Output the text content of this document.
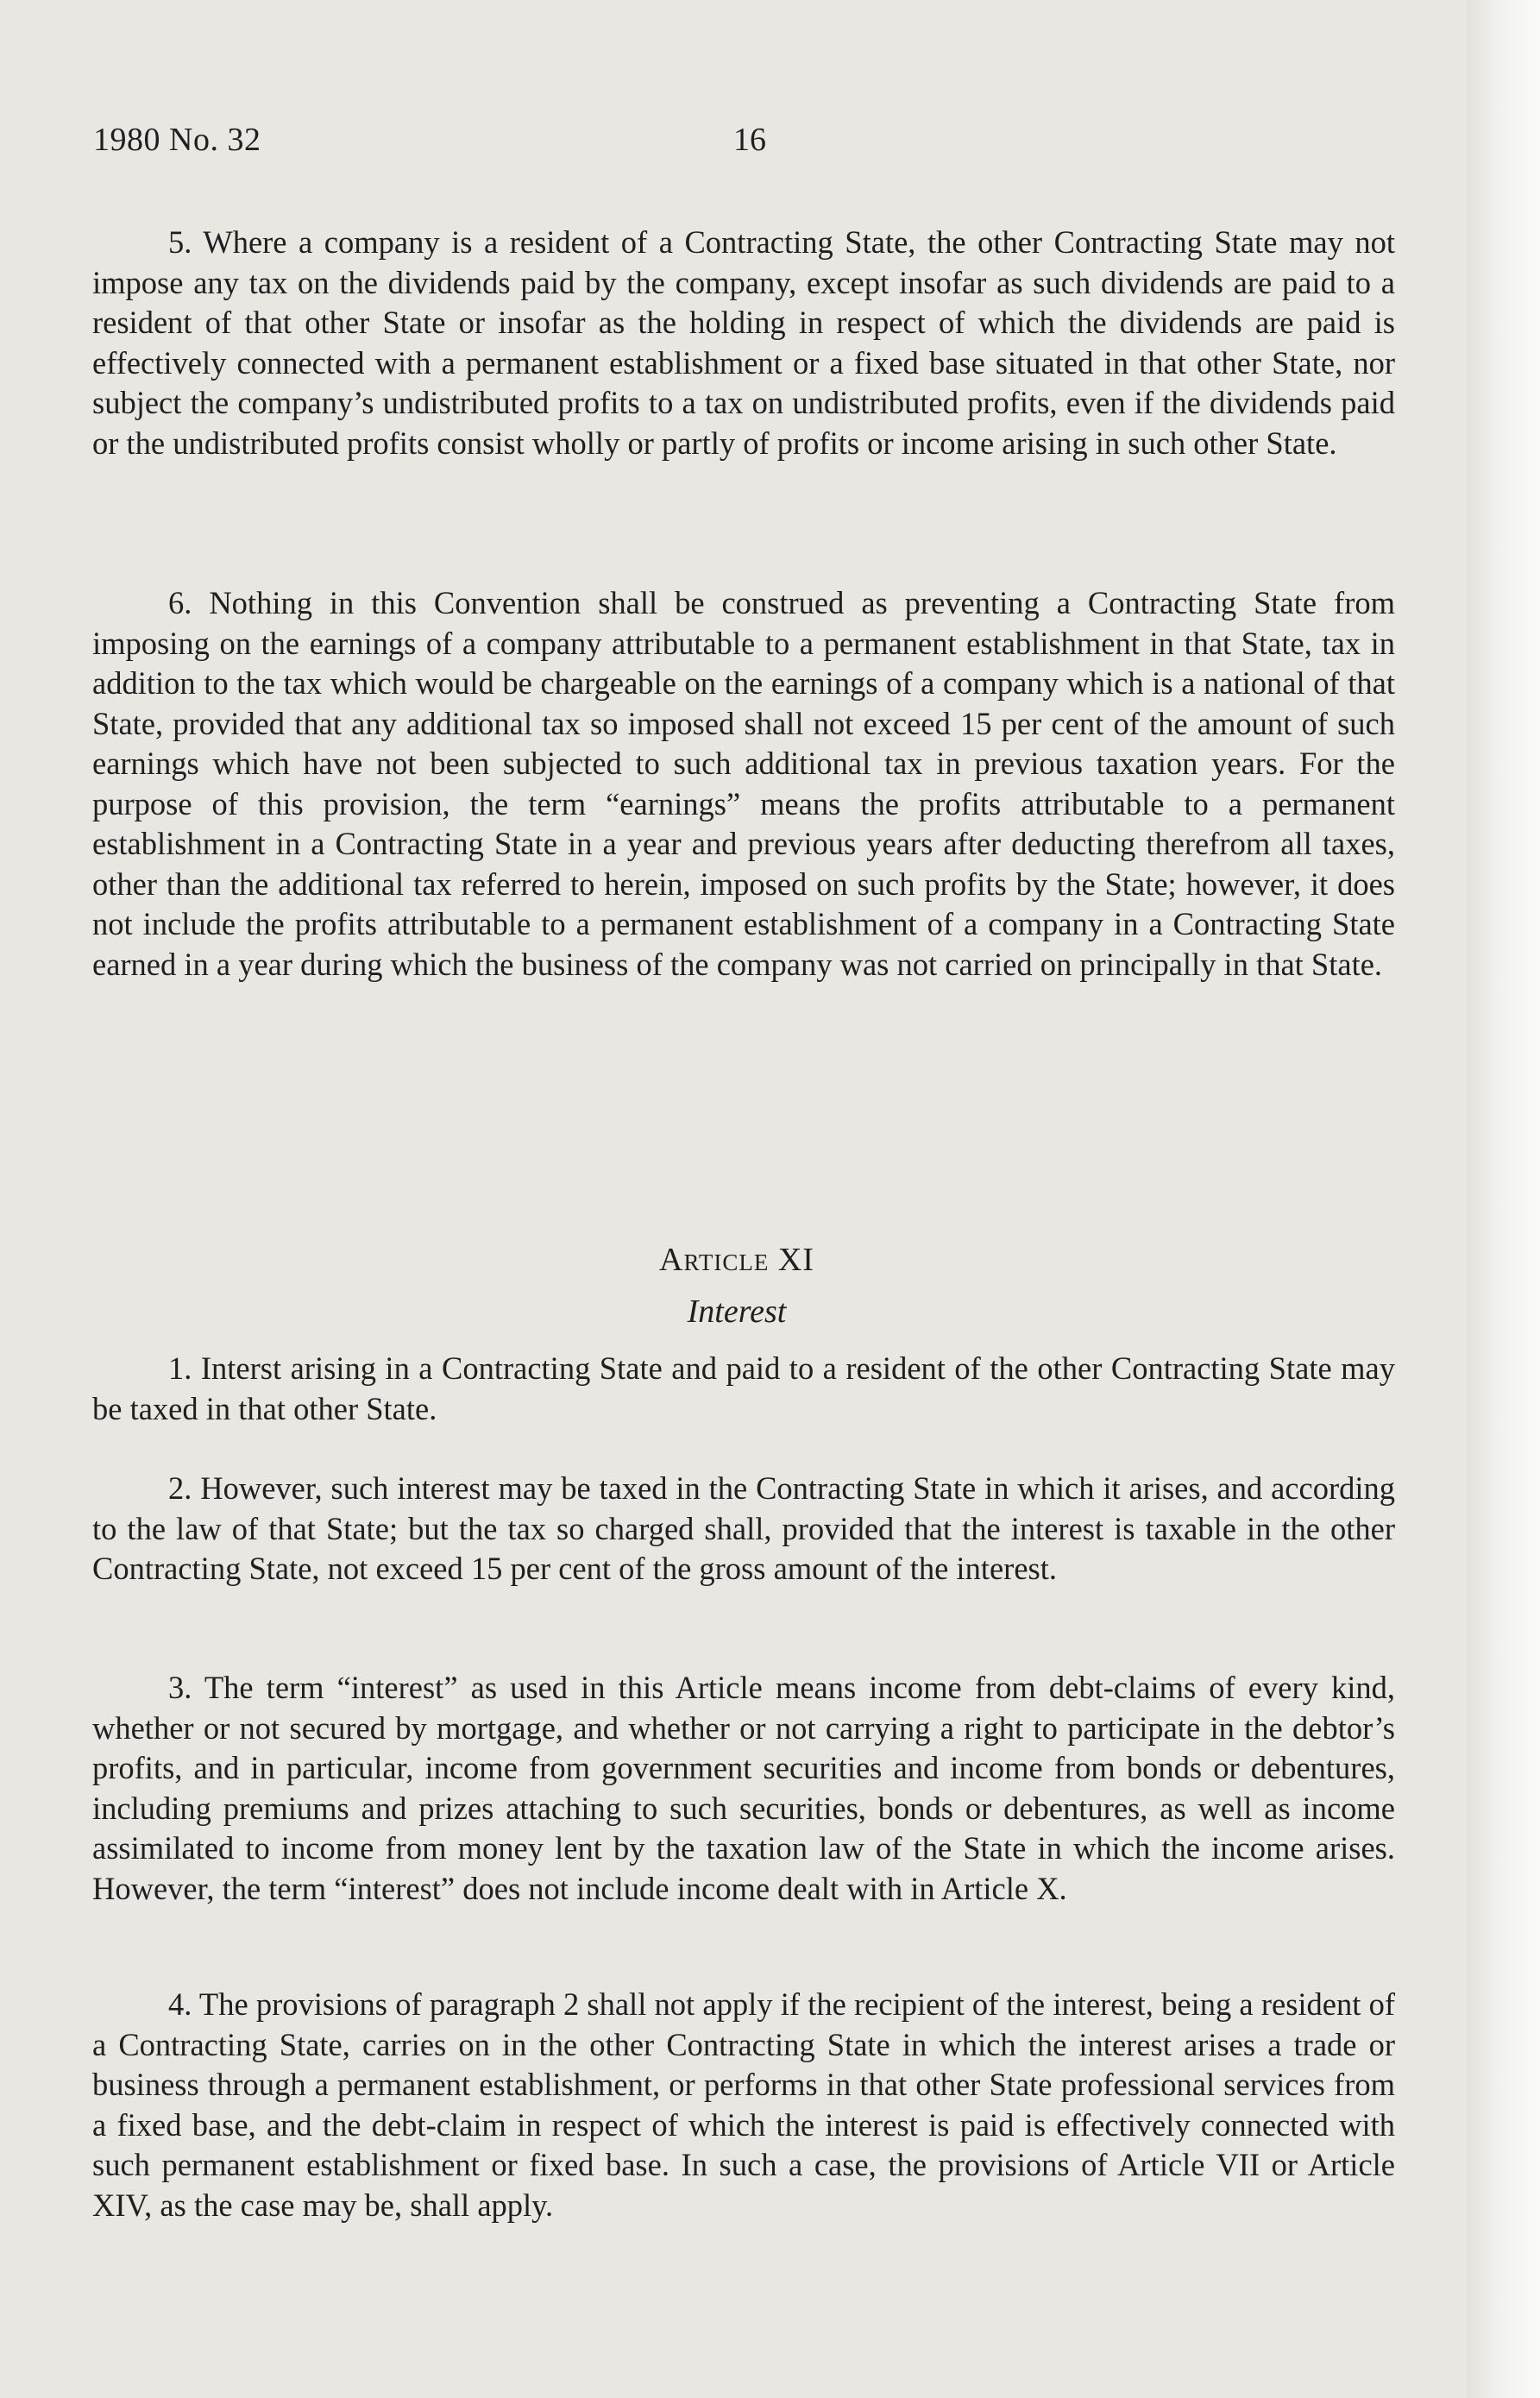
1980 No. 32	16

5. Where a company is a resident of a Contracting State, the other Contracting State may not impose any tax on the dividends paid by the company, except insofar as such dividends are paid to a resident of that other State or insofar as the holding in respect of which the dividends are paid is effectively connected with a permanent establishment or a fixed base situated in that other State, nor subject the company’s undistributed profits to a tax on undistributed profits, even if the dividends paid or the undistributed profits consist wholly or partly of profits or income arising in such other State.

6. Nothing in this Convention shall be construed as preventing a Contracting State from imposing on the earnings of a company attributable to a permanent establishment in that State, tax in addition to the tax which would be chargeable on the earnings of a company which is a national of that State, provided that any additional tax so imposed shall not exceed 15 per cent of the amount of such earnings which have not been subjected to such additional tax in previous taxation years. For the purpose of this provision, the term “earnings” means the profits attributable to a permanent establishment in a Contracting State in a year and previous years after deducting therefrom all taxes, other than the additional tax referred to herein, imposed on such profits by the State; however, it does not include the profits attributable to a permanent establishment of a company in a Contracting State earned in a year during which the business of the company was not carried on principally in that State.

Article XI
Interest

1. Interst arising in a Contracting State and paid to a resident of the other Contracting State may be taxed in that other State.

2. However, such interest may be taxed in the Contracting State in which it arises, and according to the law of that State; but the tax so charged shall, provided that the interest is taxable in the other Contracting State, not exceed 15 per cent of the gross amount of the interest.

3. The term “interest” as used in this Article means income from debt-claims of every kind, whether or not secured by mortgage, and whether or not carrying a right to participate in the debtor’s profits, and in particular, income from government securities and income from bonds or debentures, including premiums and prizes attaching to such securities, bonds or debentures, as well as income assimilated to income from money lent by the taxation law of the State in which the income arises. However, the term “interest” does not include income dealt with in Article X.

4. The provisions of paragraph 2 shall not apply if the recipient of the interest, being a resident of a Contracting State, carries on in the other Contracting State in which the interest arises a trade or business through a permanent establishment, or performs in that other State professional services from a fixed base, and the debt-claim in respect of which the interest is paid is effectively connected with such permanent establishment or fixed base. In such a case, the provisions of Article VII or Article XIV, as the case may be, shall apply.
